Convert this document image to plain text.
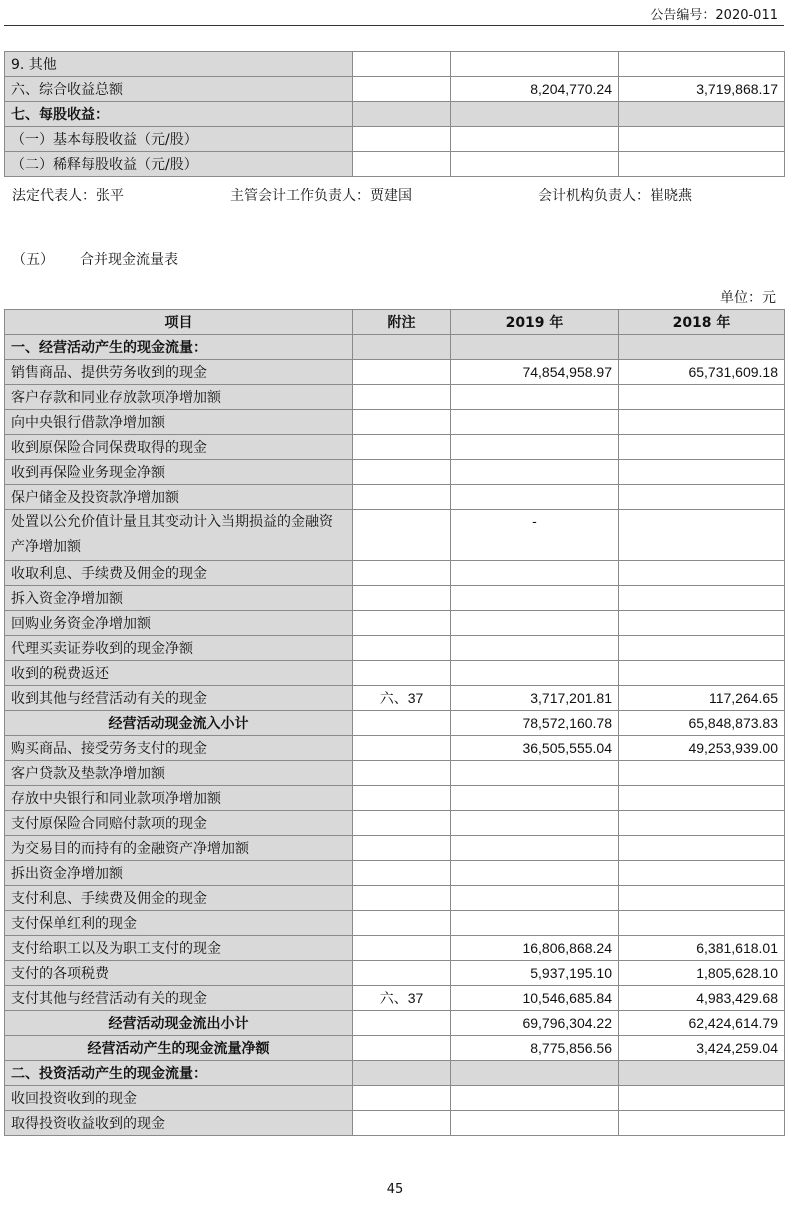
公告编号：2020-011
9. 其他			
六、综合收益总额		8,204,770.24	3,719,868.17
七、每股收益：			
（一）基本每股收益（元/股）			
（二）稀释每股收益（元/股）			
法定代表人：张平	主管会计工作负责人：贾建国	会计机构负责人：崔晓燕
（五） 合并现金流量表
单位：元
项目	附注	2019 年	2018 年
一、经营活动产生的现金流量：			
销售商品、提供劳务收到的现金		74,854,958.97	65,731,609.18
客户存款和同业存放款项净增加额			
向中央银行借款净增加额			
收到原保险合同保费取得的现金			
收到再保险业务现金净额			
保户储金及投资款净增加额			
处置以公允价值计量且其变动计入当期损益的金融资产净增加额		-	
收取利息、手续费及佣金的现金			
拆入资金净增加额			
回购业务资金净增加额			
代理买卖证券收到的现金净额			
收到的税费返还			
收到其他与经营活动有关的现金	六、37	3,717,201.81	117,264.65
经营活动现金流入小计		78,572,160.78	65,848,873.83
购买商品、接受劳务支付的现金		36,505,555.04	49,253,939.00
客户贷款及垫款净增加额			
存放中央银行和同业款项净增加额			
支付原保险合同赔付款项的现金			
为交易目的而持有的金融资产净增加额			
拆出资金净增加额			
支付利息、手续费及佣金的现金			
支付保单红利的现金			
支付给职工以及为职工支付的现金		16,806,868.24	6,381,618.01
支付的各项税费		5,937,195.10	1,805,628.10
支付其他与经营活动有关的现金	六、37	10,546,685.84	4,983,429.68
经营活动现金流出小计		69,796,304.22	62,424,614.79
经营活动产生的现金流量净额		8,775,856.56	3,424,259.04
二、投资活动产生的现金流量：			
收回投资收到的现金			
取得投资收益收到的现金			
45
